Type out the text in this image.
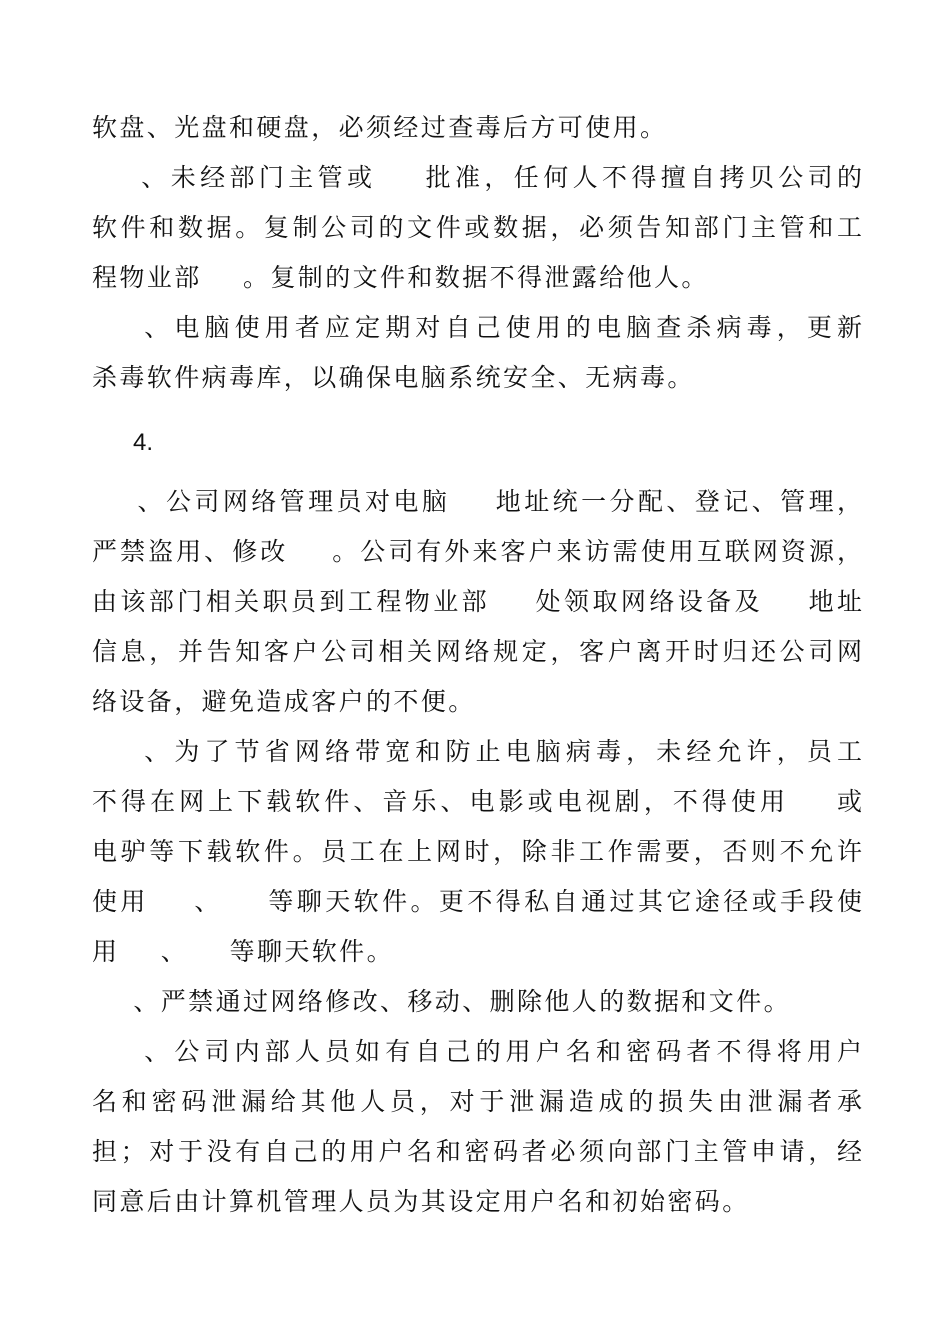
软盘、光盘和硬盘，必须经过查毒后方可使用。
、未经部门主管或    批准，任何人不得擅自拷贝公司的
软件和数据。复制公司的文件或数据，必须告知部门主管和工
程物业部    。复制的文件和数据不得泄露给他人。
、电脑使用者应定期对自己使用的电脑查杀病毒，更新
杀毒软件病毒库，以确保电脑系统安全、无病毒。
4.
、公司网络管理员对电脑    地址统一分配、登记、管理，
严禁盗用、修改    。公司有外来客户来访需使用互联网资源，
由该部门相关职员到工程物业部    处领取网络设备及    地址
信息，并告知客户公司相关网络规定，客户离开时归还公司网
络设备，避免造成客户的不便。
、为了节省网络带宽和防止电脑病毒，未经允许，员工
不得在网上下载软件、音乐、电影或电视剧，不得使用    或
电驴等下载软件。员工在上网时，除非工作需要，否则不允许
使用    、    等聊天软件。更不得私自通过其它途径或手段使
用    、    等聊天软件。
、严禁通过网络修改、移动、删除他人的数据和文件。
、公司内部人员如有自己的用户名和密码者不得将用户
名和密码泄漏给其他人员，对于泄漏造成的损失由泄漏者承
担；对于没有自己的用户名和密码者必须向部门主管申请，经
同意后由计算机管理人员为其设定用户名和初始密码。
